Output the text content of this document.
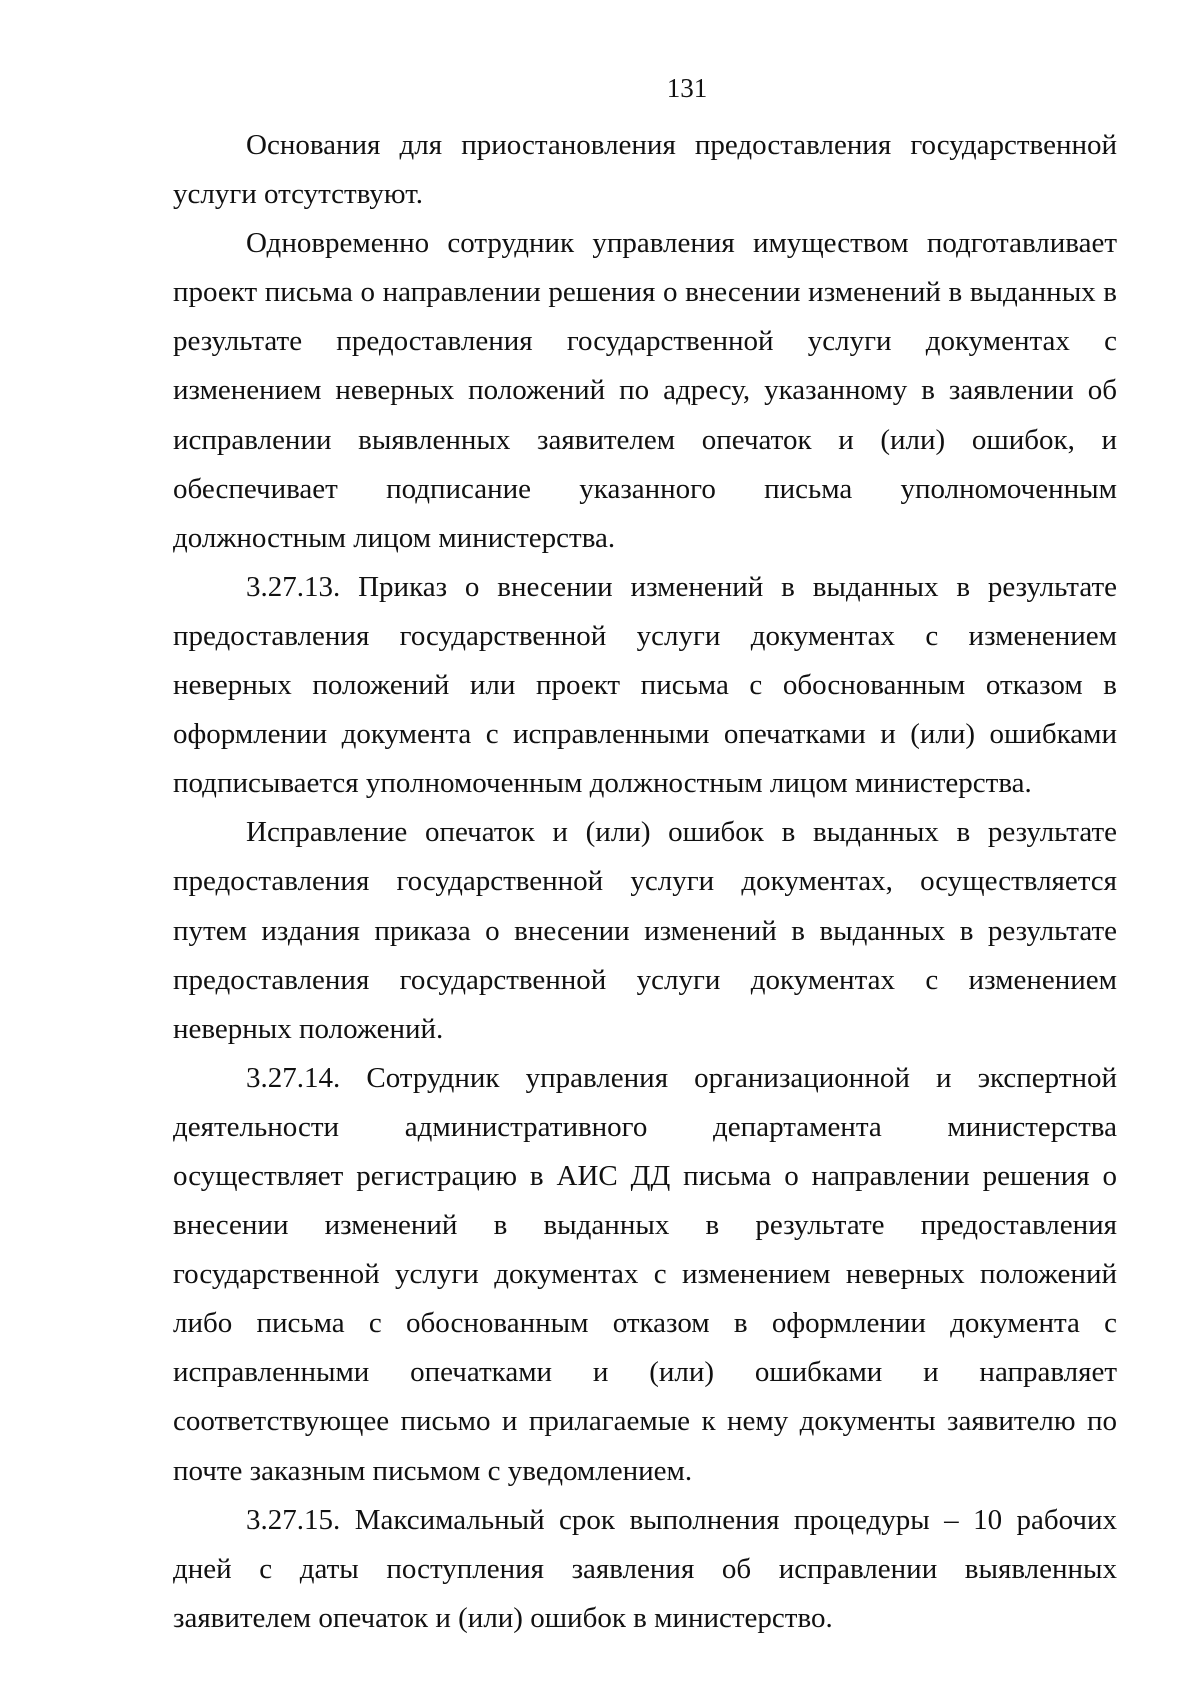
131

Основания для приостановления предоставления государственной услуги отсутствуют.

Одновременно сотрудник управления имуществом подготавливает проект письма о направлении решения о внесении изменений в выданных в результате предоставления государственной услуги документах с изменением неверных положений по адресу, указанному в заявлении об исправлении выявленных заявителем опечаток и (или) ошибок, и обеспечивает подписание указанного письма уполномоченным должностным лицом министерства.

3.27.13. Приказ о внесении изменений в выданных в результате предоставления государственной услуги документах с изменением неверных положений или проект письма с обоснованным отказом в оформлении документа с исправленными опечатками и (или) ошибками подписывается уполномоченным должностным лицом министерства.

Исправление опечаток и (или) ошибок в выданных в результате предоставления государственной услуги документах, осуществляется путем издания приказа о внесении изменений в выданных в результате предоставления государственной услуги документах с изменением неверных положений.

3.27.14. Сотрудник управления организационной и экспертной деятельности административного департамента министерства осуществляет регистрацию в АИС ДД письма о направлении решения о внесении изменений в выданных в результате предоставления государственной услуги документах с изменением неверных положений либо письма с обоснованным отказом в оформлении документа с исправленными опечатками и (или) ошибками и направляет соответствующее письмо и прилагаемые к нему документы заявителю по почте заказным письмом с уведомлением.

3.27.15. Максимальный срок выполнения процедуры – 10 рабочих дней с даты поступления заявления об исправлении выявленных заявителем опечаток и (или) ошибок в министерство.
